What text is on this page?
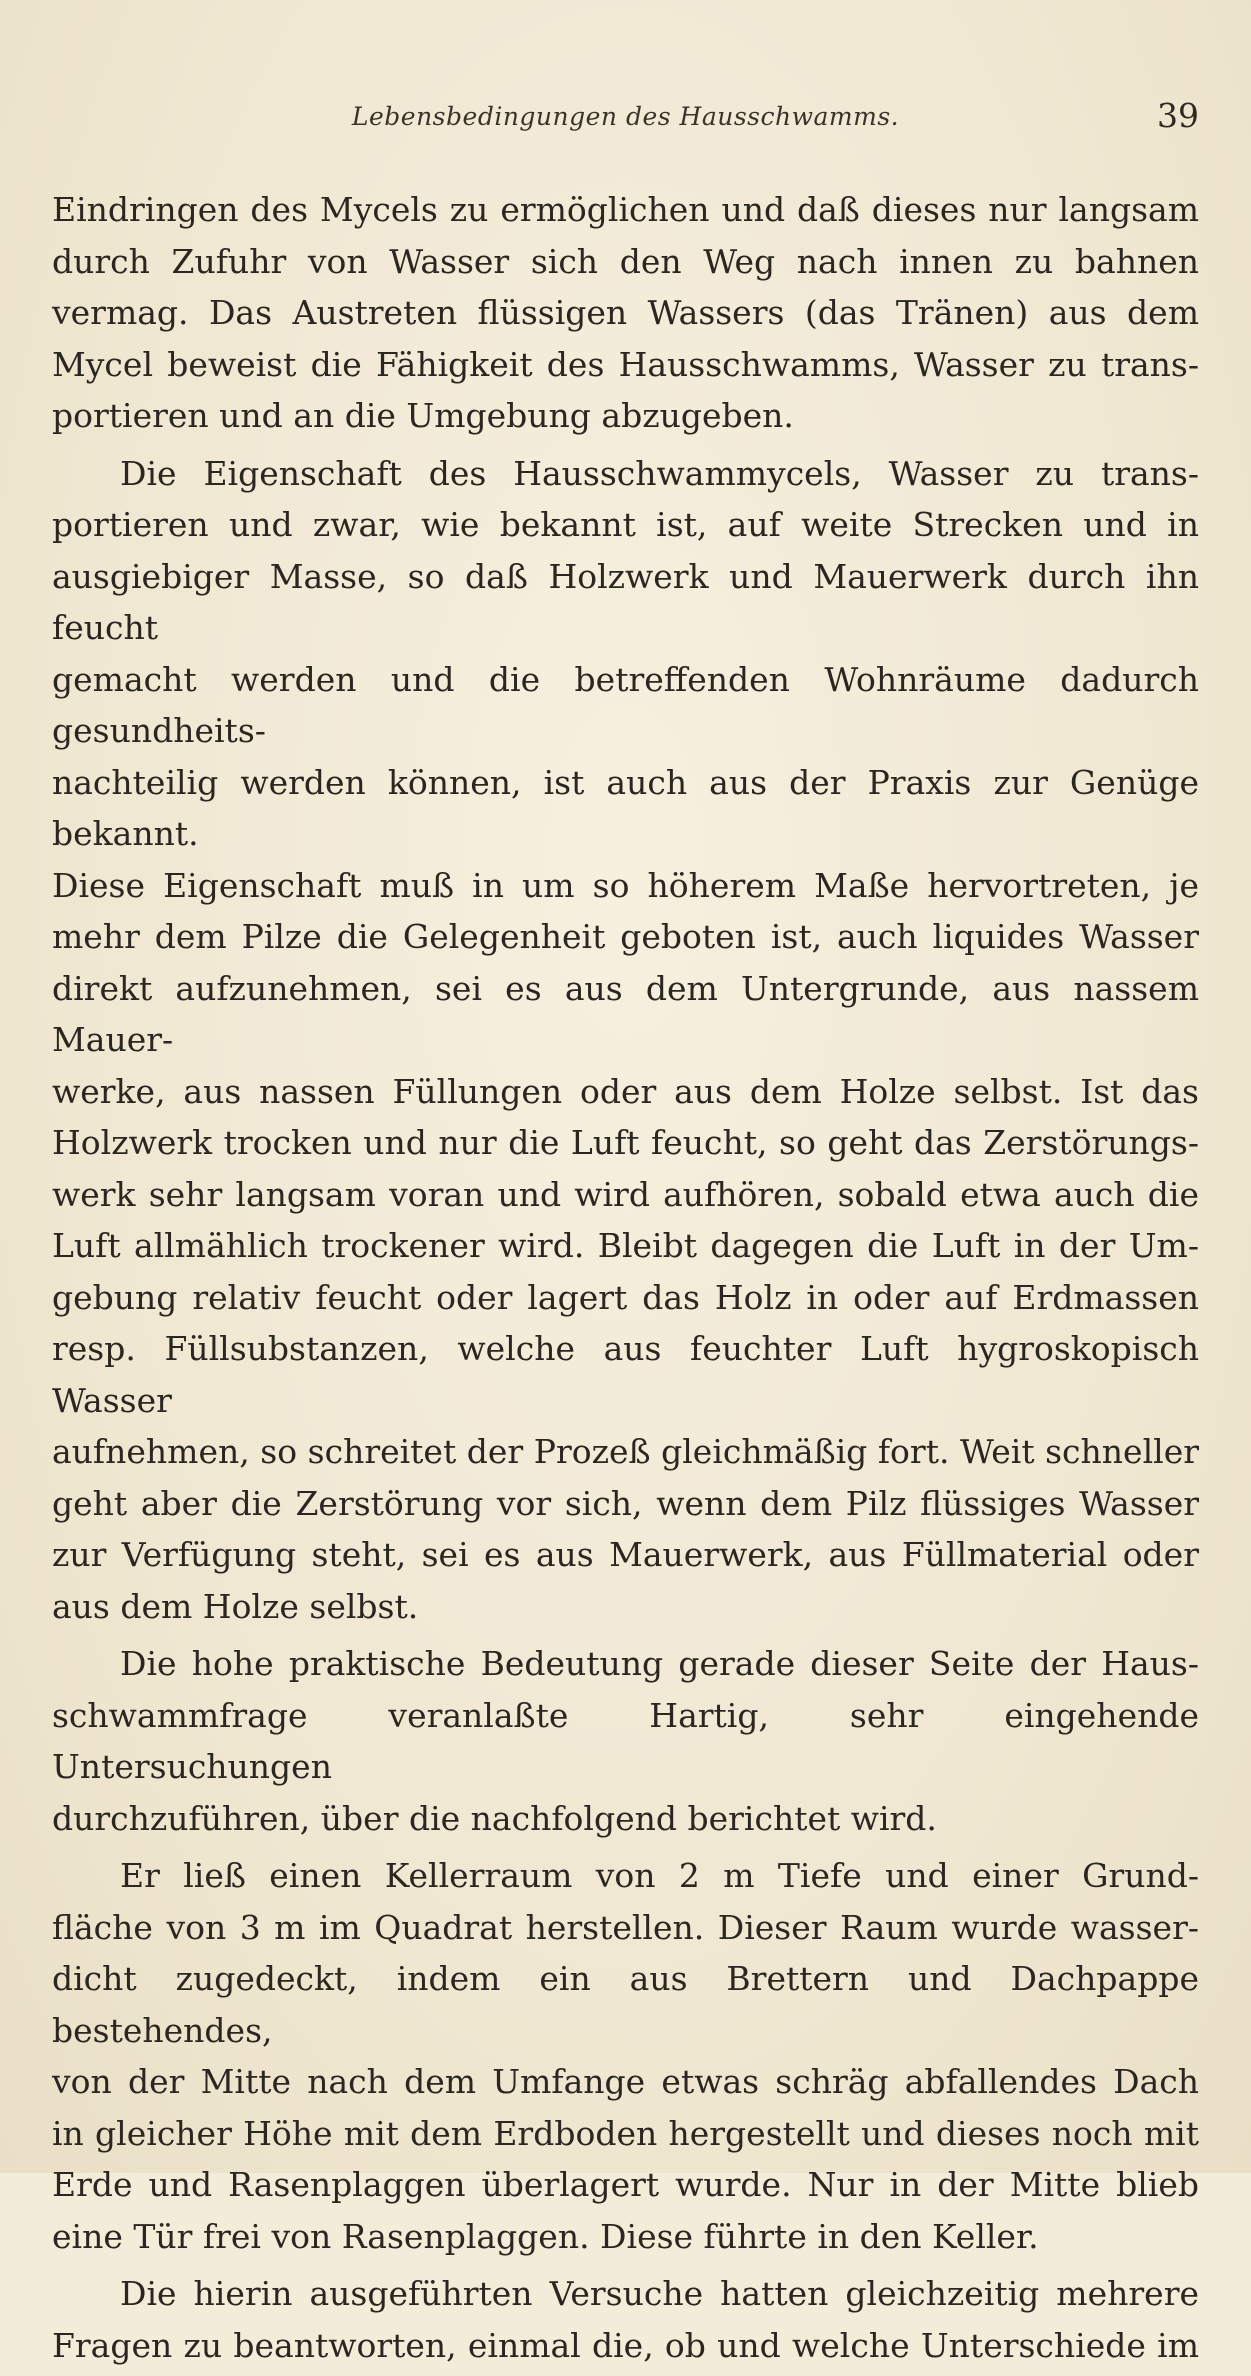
Lebensbedingungen des Hausschwamms.	39

Eindringen des Mycels zu ermöglichen und daß dieses nur langsam
durch Zufuhr von Wasser sich den Weg nach innen zu bahnen
vermag. Das Austreten flüssigen Wassers (das Tränen) aus dem
Mycel beweist die Fähigkeit des Hausschwamms, Wasser zu trans-
portieren und an die Umgebung abzugeben.

Die Eigenschaft des Hausschwammycels, Wasser zu trans-
portieren und zwar, wie bekannt ist, auf weite Strecken und in
ausgiebiger Masse, so daß Holzwerk und Mauerwerk durch ihn feucht
gemacht werden und die betreffenden Wohnräume dadurch gesundheits-
nachteilig werden können, ist auch aus der Praxis zur Genüge bekannt.
Diese Eigenschaft muß in um so höherem Maße hervortreten, je
mehr dem Pilze die Gelegenheit geboten ist, auch liquides Wasser
direkt aufzunehmen, sei es aus dem Untergrunde, aus nassem Mauer-
werke, aus nassen Füllungen oder aus dem Holze selbst. Ist das
Holzwerk trocken und nur die Luft feucht, so geht das Zerstörungs-
werk sehr langsam voran und wird aufhören, sobald etwa auch die
Luft allmählich trockener wird. Bleibt dagegen die Luft in der Um-
gebung relativ feucht oder lagert das Holz in oder auf Erdmassen
resp. Füllsubstanzen, welche aus feuchter Luft hygroskopisch Wasser
aufnehmen, so schreitet der Prozeß gleichmäßig fort. Weit schneller
geht aber die Zerstörung vor sich, wenn dem Pilz flüssiges Wasser
zur Verfügung steht, sei es aus Mauerwerk, aus Füllmaterial oder
aus dem Holze selbst.

Die hohe praktische Bedeutung gerade dieser Seite der Haus-
schwammfrage veranlaßte Hartig, sehr eingehende Untersuchungen
durchzuführen, über die nachfolgend berichtet wird.

Er ließ einen Kellerraum von 2 m Tiefe und einer Grund-
fläche von 3 m im Quadrat herstellen. Dieser Raum wurde wasser-
dicht zugedeckt, indem ein aus Brettern und Dachpappe bestehendes,
von der Mitte nach dem Umfange etwas schräg abfallendes Dach
in gleicher Höhe mit dem Erdboden hergestellt und dieses noch mit
Erde und Rasenplaggen überlagert wurde. Nur in der Mitte blieb
eine Tür frei von Rasenplaggen. Diese führte in den Keller.

Die hierin ausgeführten Versuche hatten gleichzeitig mehrere
Fragen zu beantworten, einmal die, ob und welche Unterschiede im
